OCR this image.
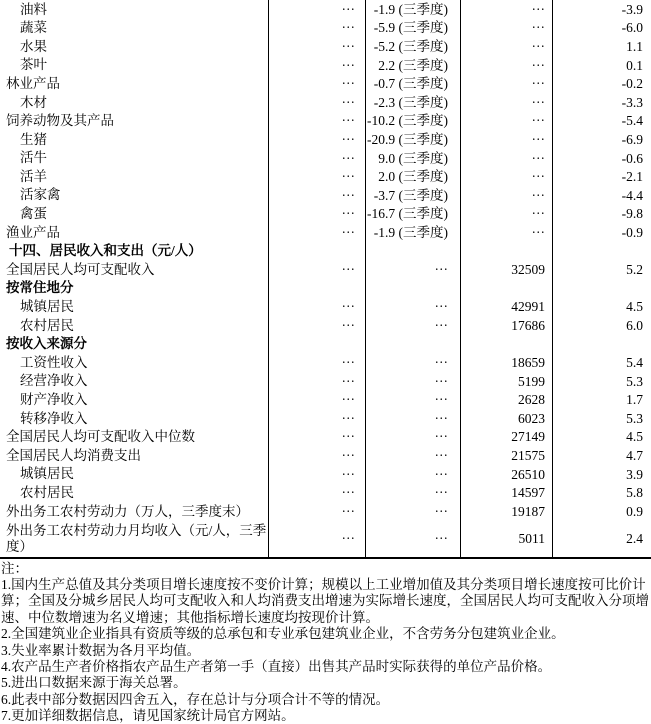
油料	···	-1.9 (三季度)	···	-3.9
蔬菜	···	-5.9 (三季度)	···	-6.0
水果	···	-5.2 (三季度)	···	1.1
茶叶	···	2.2 (三季度)	···	0.1
林业产品	···	-0.7 (三季度)	···	-0.2
木材	···	-2.3 (三季度)	···	-3.3
饲养动物及其产品	··· -10.2 (三季度)	···	-5.4
生猪	··· -20.9 (三季度)	···	-6.9
活牛	···	9.0 (三季度)	···	-0.6
活羊	···	2.0 (三季度)	···	-2.1
活家禽	···	-3.7 (三季度)	···	-4.4
禽蛋	··· -16.7 (三季度)	···	-9.8
渔业产品	···	-1.9 (三季度)	···	-0.9
十四、居民收入和支出（元/人）
全国居民人均可支配收入	···	···	32509	5.2
按常住地分
城镇居民	···	···	42991	4.5
农村居民	···	···	17686	6.0
按收入来源分
工资性收入	···	···	18659	5.4
经营净收入	···	···	5199	5.3
财产净收入	···	···	2628	1.7
转移净收入	···	···	6023	5.3
全国居民人均可支配收入中位数	···	···	27149	4.5
全国居民人均消费支出	···	···	21575	4.7
城镇居民	···	···	26510	3.9
农村居民	···	···	14597	5.8
外出务工农村劳动力（万人，三季度末）	···	···	19187	0.9
外出务工农村劳动力月均收入（元/人，三季度）	···	···	5011	2.4
注：
1.国内生产总值及其分类项目增长速度按不变价计算；规模以上工业增加值及其分类项目增长速度按可比价计算；全国及分城乡居民人均可支配收入和人均消费支出增速为实际增长速度，全国居民人均可支配收入分项增速、中位数增速为名义增速；其他指标增长速度均按现价计算。
2.全国建筑业企业指具有资质等级的总承包和专业承包建筑业企业，不含劳务分包建筑业企业。
3.失业率累计数据为各月平均值。
4.农产品生产者价格指农产品生产者第一手（直接）出售其产品时实际获得的单位产品价格。
5.进出口数据来源于海关总署。
6.此表中部分数据因四舍五入，存在总计与分项合计不等的情况。
7.更加详细数据信息，请见国家统计局官方网站。
